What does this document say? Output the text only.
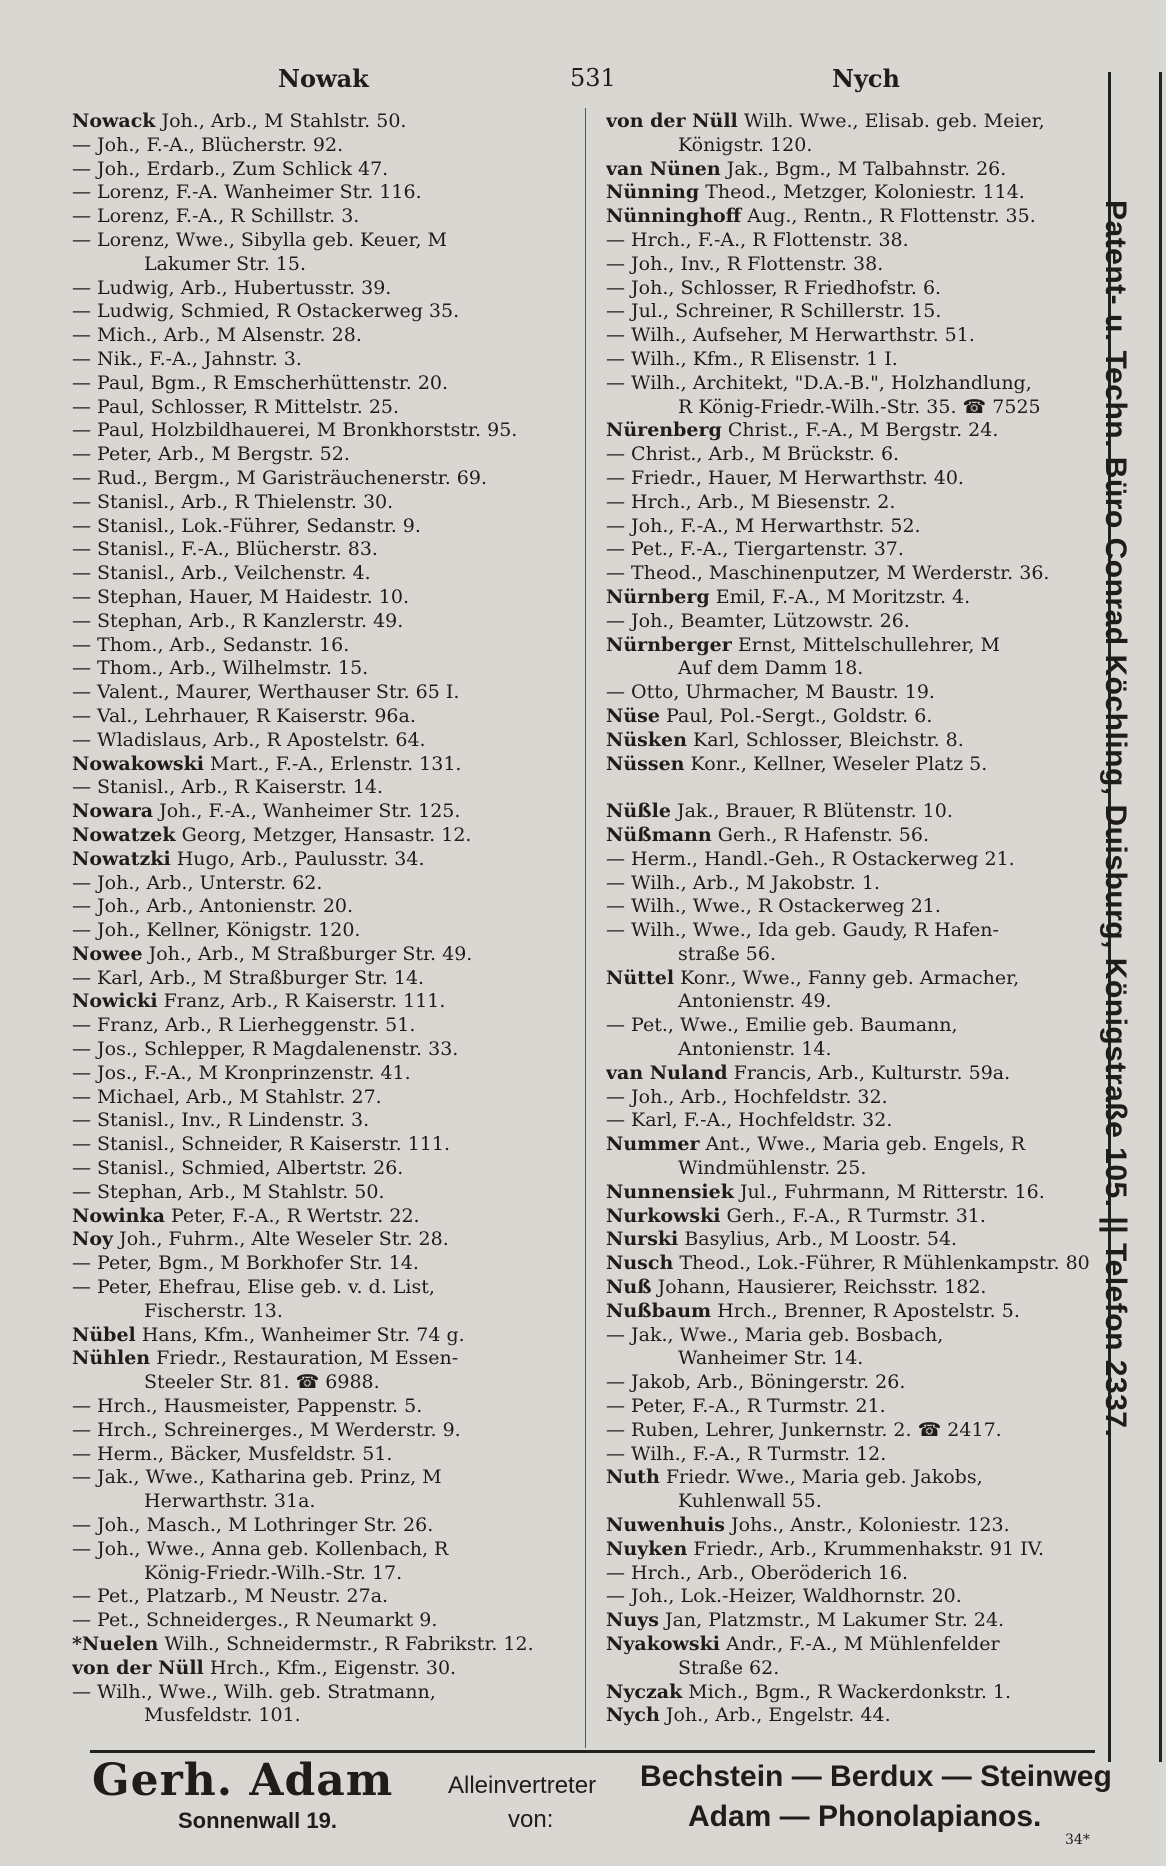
Nowak	531	Nych
Nowack Joh., Arb., M Stahlstr. 50.
— Joh., F.-A., Blücherstr. 92.
— Joh., Erdarb., Zum Schlick 47.
— Lorenz, F.-A. Wanheimer Str. 116.
— Lorenz, F.-A., R Schillstr. 3.
— Lorenz, Wwe., Sibylla geb. Keuer, M
Lakumer Str. 15.
— Ludwig, Arb., Hubertusstr. 39.
— Ludwig, Schmied, R Ostackerweg 35.
— Mich., Arb., M Alsenstr. 28.
— Nik., F.-A., Jahnstr. 3.
— Paul, Bgm., R Emscherhüttenstr. 20.
— Paul, Schlosser, R Mittelstr. 25.
— Paul, Holzbildhauerei, M Bronkhorststr. 95.
— Peter, Arb., M Bergstr. 52.
— Rud., Bergm., M Garisträuchenerstr. 69.
— Stanisl., Arb., R Thielenstr. 30.
— Stanisl., Lok.-Führer, Sedanstr. 9.
— Stanisl., F.-A., Blücherstr. 83.
— Stanisl., Arb., Veilchenstr. 4.
— Stephan, Hauer, M Haidestr. 10.
— Stephan, Arb., R Kanzlerstr. 49.
— Thom., Arb., Sedanstr. 16.
— Thom., Arb., Wilhelmstr. 15.
— Valent., Maurer, Werthauser Str. 65 I.
— Val., Lehrhauer, R Kaiserstr. 96a.
— Wladislaus, Arb., R Apostelstr. 64.
Nowakowski Mart., F.-A., Erlenstr. 131.
— Stanisl., Arb., R Kaiserstr. 14.
Nowara Joh., F.-A., Wanheimer Str. 125.
Nowatzek Georg, Metzger, Hansastr. 12.
Nowatzki Hugo, Arb., Paulusstr. 34.
— Joh., Arb., Unterstr. 62.
— Joh., Arb., Antonienstr. 20.
— Joh., Kellner, Königstr. 120.
Nowee Joh., Arb., M Straßburger Str. 49.
— Karl, Arb., M Straßburger Str. 14.
Nowicki Franz, Arb., R Kaiserstr. 111.
— Franz, Arb., R Lierheggenstr. 51.
— Jos., Schlepper, R Magdalenenstr. 33.
— Jos., F.-A., M Kronprinzenstr. 41.
— Michael, Arb., M Stahlstr. 27.
— Stanisl., Inv., R Lindenstr. 3.
— Stanisl., Schneider, R Kaiserstr. 111.
— Stanisl., Schmied, Albertstr. 26.
— Stephan, Arb., M Stahlstr. 50.
Nowinka Peter, F.-A., R Wertstr. 22.
Noy Joh., Fuhrm., Alte Weseler Str. 28.
— Peter, Bgm., M Borkhofer Str. 14.
— Peter, Ehefrau, Elise geb. v. d. List,
Fischerstr. 13.
Nübel Hans, Kfm., Wanheimer Str. 74 g.
Nühlen Friedr., Restauration, M Essen-
Steeler Str. 81. ☎ 6988.
— Hrch., Hausmeister, Pappenstr. 5.
— Hrch., Schreinerges., M Werderstr. 9.
— Herm., Bäcker, Musfeldstr. 51.
— Jak., Wwe., Katharina geb. Prinz, M
Herwarthstr. 31a.
— Joh., Masch., M Lothringer Str. 26.
— Joh., Wwe., Anna geb. Kollenbach, R
König-Friedr.-Wilh.-Str. 17.
— Pet., Platzarb., M Neustr. 27a.
— Pet., Schneiderges., R Neumarkt 9.
*Nuelen Wilh., Schneidermstr., R Fabrikstr. 12.
von der Nüll Hrch., Kfm., Eigenstr. 30.
— Wilh., Wwe., Wilh. geb. Stratmann,
Musfeldstr. 101.
von der Nüll Wilh. Wwe., Elisab. geb. Meier,
Königstr. 120.
van Nünen Jak., Bgm., M Talbahnstr. 26.
Nünning Theod., Metzger, Koloniestr. 114.
Nünninghoff Aug., Rentn., R Flottenstr. 35.
— Hrch., F.-A., R Flottenstr. 38.
— Joh., Inv., R Flottenstr. 38.
— Joh., Schlosser, R Friedhofstr. 6.
— Jul., Schreiner, R Schillerstr. 15.
— Wilh., Aufseher, M Herwarthstr. 51.
— Wilh., Kfm., R Elisenstr. 1 I.
— Wilh., Architekt, "D.A.-B.", Holzhandlung,
R König-Friedr.-Wilh.-Str. 35. ☎ 7525
Nürenberg Christ., F.-A., M Bergstr. 24.
— Christ., Arb., M Brückstr. 6.
— Friedr., Hauer, M Herwarthstr. 40.
— Hrch., Arb., M Biesenstr. 2.
— Joh., F.-A., M Herwarthstr. 52.
— Pet., F.-A., Tiergartenstr. 37.
— Theod., Maschinenputzer, M Werderstr. 36.
Nürnberg Emil, F.-A., M Moritzstr. 4.
— Joh., Beamter, Lützowstr. 26.
Nürnberger Ernst, Mittelschullehrer, M
Auf dem Damm 18.
— Otto, Uhrmacher, M Baustr. 19.
Nüse Paul, Pol.-Sergt., Goldstr. 6.
Nüsken Karl, Schlosser, Bleichstr. 8.
Nüssen Konr., Kellner, Weseler Platz 5.

Nüßle Jak., Brauer, R Blütenstr. 10.
Nüßmann Gerh., R Hafenstr. 56.
— Herm., Handl.-Geh., R Ostackerweg 21.
— Wilh., Arb., M Jakobstr. 1.
— Wilh., Wwe., R Ostackerweg 21.
— Wilh., Wwe., Ida geb. Gaudy, R Hafen-
straße 56.
Nüttel Konr., Wwe., Fanny geb. Armacher,
Antonienstr. 49.
— Pet., Wwe., Emilie geb. Baumann,
Antonienstr. 14.
van Nuland Francis, Arb., Kulturstr. 59a.
— Joh., Arb., Hochfeldstr. 32.
— Karl, F.-A., Hochfeldstr. 32.
Nummer Ant., Wwe., Maria geb. Engels, R
Windmühlenstr. 25.
Nunnensiek Jul., Fuhrmann, M Ritterstr. 16.
Nurkowski Gerh., F.-A., R Turmstr. 31.
Nurski Basylius, Arb., M Loostr. 54.
Nusch Theod., Lok.-Führer, R Mühlenkampstr. 80
Nuß Johann, Hausierer, Reichsstr. 182.
Nußbaum Hrch., Brenner, R Apostelstr. 5.
— Jak., Wwe., Maria geb. Bosbach,
Wanheimer Str. 14.
— Jakob, Arb., Böningerstr. 26.
— Peter, F.-A., R Turmstr. 21.
— Ruben, Lehrer, Junkernstr. 2. ☎ 2417.
— Wilh., F.-A., R Turmstr. 12.
Nuth Friedr. Wwe., Maria geb. Jakobs,
Kuhlenwall 55.
Nuwenhuis Johs., Anstr., Koloniestr. 123.
Nuyken Friedr., Arb., Krummenhakstr. 91 IV.
— Hrch., Arb., Oberöderich 16.
— Joh., Lok.-Heizer, Waldhornstr. 20.
Nuys Jan, Platzmstr., M Lakumer Str. 24.
Nyakowski Andr., F.-A., M Mühlenfelder
Straße 62.
Nyczak Mich., Bgm., R Wackerdonkstr. 1.
Nych Joh., Arb., Engelstr. 44.
Patent- u. Techn. Büro Conrad Köchling, Duisburg, Königstraße 105. || Telefon 2337.
Gerh. Adam
Sonnenwall 19.
Alleinvertreter
von:
Bechstein — Berdux — Steinweg
Adam — Phonolapianos.
34*
